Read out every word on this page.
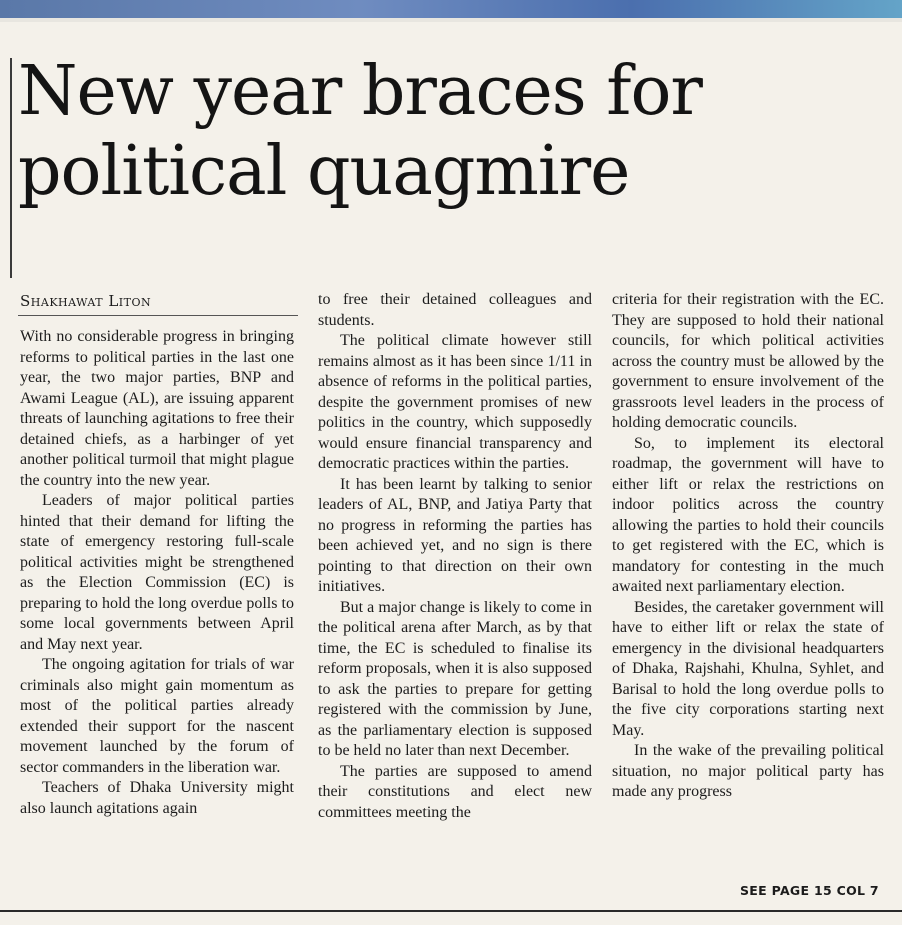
New year braces for
political quagmire
Shakhawat Liton

With no considerable progress in bringing reforms to political parties in the last one year, the two major parties, BNP and Awami League (AL), are issuing apparent threats of launching agitations to free their detained chiefs, as a harbinger of yet another political turmoil that might plague the country into the new year.

Leaders of major political parties hinted that their demand for lifting the state of emergency restoring full-scale political activities might be strengthened as the Election Commission (EC) is preparing to hold the long overdue polls to some local governments between April and May next year.

The ongoing agitation for trials of war criminals also might gain momentum as most of the political parties already extended their support for the nascent movement launched by the forum of sector commanders in the liberation war.

Teachers of Dhaka University might also launch agitations again

to free their detained colleagues and students.

The political climate however still remains almost as it has been since 1/11 in absence of reforms in the political parties, despite the government promises of new politics in the country, which supposedly would ensure financial transparency and democratic practices within the parties.

It has been learnt by talking to senior leaders of AL, BNP, and Jatiya Party that no progress in reforming the parties has been achieved yet, and no sign is there pointing to that direction on their own initiatives.

But a major change is likely to come in the political arena after March, as by that time, the EC is scheduled to finalise its reform proposals, when it is also supposed to ask the parties to prepare for getting registered with the commission by June, as the parliamentary election is supposed to be held no later than next December.

The parties are supposed to amend their constitutions and elect new committees meeting the

criteria for their registration with the EC. They are supposed to hold their national councils, for which political activities across the country must be allowed by the government to ensure involvement of the grassroots level leaders in the process of holding democratic councils.

So, to implement its electoral roadmap, the government will have to either lift or relax the restrictions on indoor politics across the country allowing the parties to hold their councils to get registered with the EC, which is mandatory for contesting in the much awaited next parliamentary election.

Besides, the caretaker government will have to either lift or relax the state of emergency in the divisional headquarters of Dhaka, Rajshahi, Khulna, Syhlet, and Barisal to hold the long overdue polls to the five city corporations starting next May.

In the wake of the prevailing political situation, no major political party has made any progress

SEE PAGE 15 COL 7
